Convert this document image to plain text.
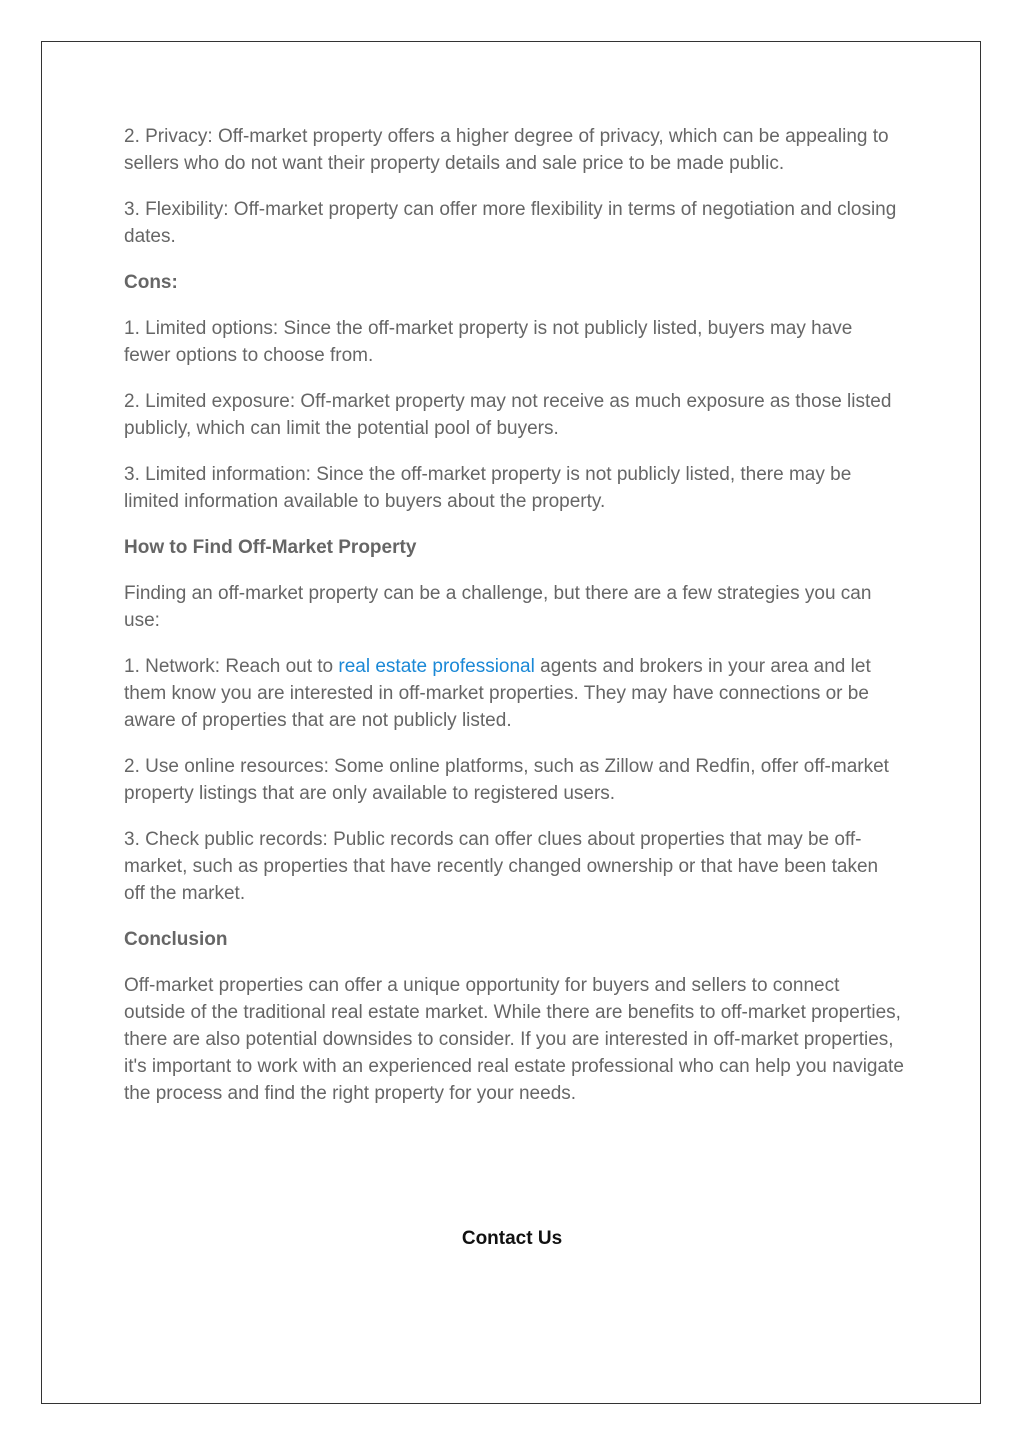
2. Privacy: Off-market property offers a higher degree of privacy, which can be appealing to sellers who do not want their property details and sale price to be made public.

3. Flexibility: Off-market property can offer more flexibility in terms of negotiation and closing dates.

Cons:

1. Limited options: Since the off-market property is not publicly listed, buyers may have fewer options to choose from.

2. Limited exposure: Off-market property may not receive as much exposure as those listed publicly, which can limit the potential pool of buyers.

3. Limited information: Since the off-market property is not publicly listed, there may be limited information available to buyers about the property.

How to Find Off-Market Property

Finding an off-market property can be a challenge, but there are a few strategies you can use:

1. Network: Reach out to real estate professional agents and brokers in your area and let them know you are interested in off-market properties. They may have connections or be aware of properties that are not publicly listed.

2. Use online resources: Some online platforms, such as Zillow and Redfin, offer off-market property listings that are only available to registered users.

3. Check public records: Public records can offer clues about properties that may be off-market, such as properties that have recently changed ownership or that have been taken off the market.

Conclusion

Off-market properties can offer a unique opportunity for buyers and sellers to connect outside of the traditional real estate market. While there are benefits to off-market properties, there are also potential downsides to consider. If you are interested in off-market properties, it's important to work with an experienced real estate professional who can help you navigate the process and find the right property for your needs.

Contact Us
